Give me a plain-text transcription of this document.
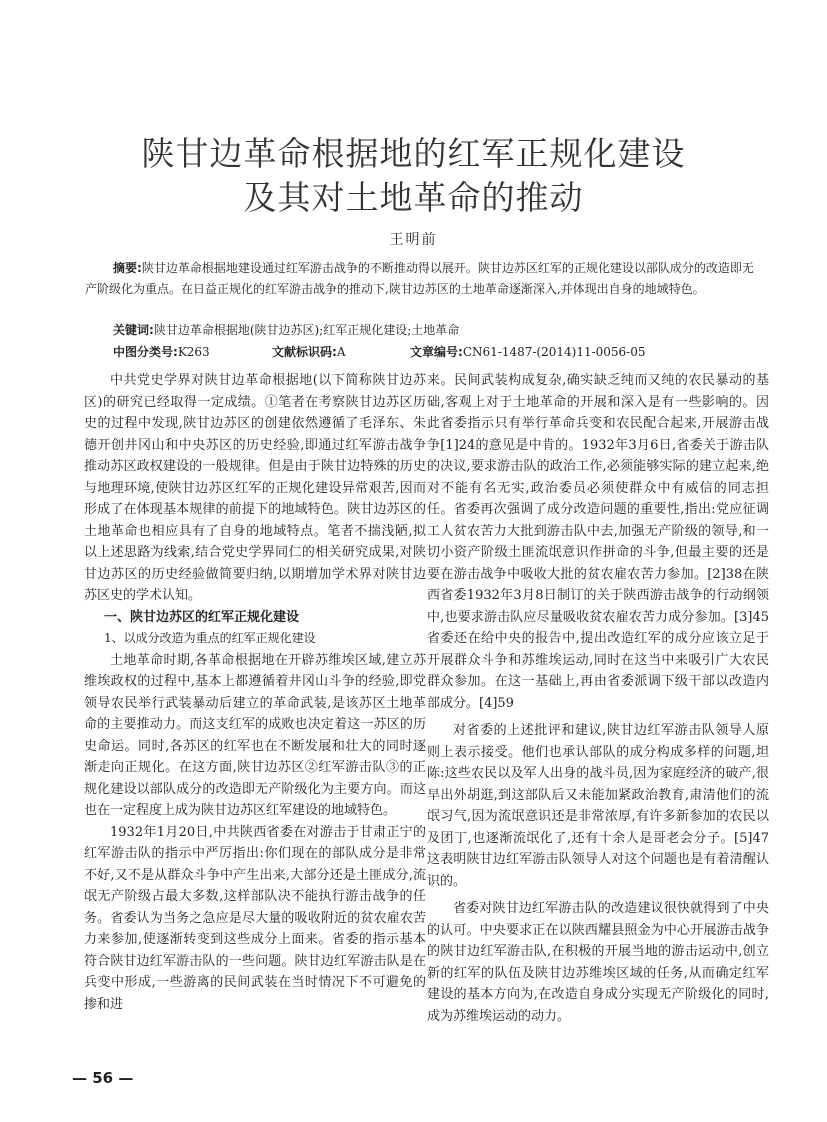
陕甘边革命根据地的红军正规化建设
及其对土地革命的推动
王明前
摘要:陕甘边革命根据地建设通过红军游击战争的不断推动得以展开。陕甘边苏区红军的正规化建设以部队成分的改造即无产阶级化为重点。在日益正规化的红军游击战争的推动下,陕甘边苏区的土地革命逐渐深入,并体现出自身的地域特色。
关键词:陕甘边革命根据地(陕甘边苏区);红军正规化建设;土地革命
中图分类号:K263	文献标识码:A	文章编号:CN61-1487-(2014)11-0056-05

中共党史学界对陕甘边革命根据地(以下简称陕甘边苏区)的研究已经取得一定成绩。①笔者在考察陕甘边苏区历史的过程中发现,陕甘边苏区的创建依然遵循了毛泽东、朱德开创井冈山和中央苏区的历史经验,即通过红军游击战争推动苏区政权建设的一般规律。但是由于陕甘边特殊的历史与地理环境,使陕甘边苏区红军的正规化建设异常艰苦,因而形成了在体现基本规律的前提下的地域特色。陕甘边苏区的土地革命也相应具有了自身的地域特点。笔者不揣浅陋,拟以上述思路为线索,结合党史学界同仁的相关研究成果,对陕甘边苏区的历史经验做简要归纳,以期增加学术界对陕甘边苏区史的学术认知。

一、陕甘边苏区的红军正规化建设
1、以成分改造为重点的红军正规化建设

土地革命时期,各革命根据地在开辟苏维埃区域,建立苏维埃政权的过程中,基本上都遵循着井冈山斗争的经验,即党领导农民举行武装暴动后建立的革命武装,是该苏区土地革命的主要推动力。而这支红军的成败也决定着这一苏区的历史命运。同时,各苏区的红军也在不断发展和壮大的同时逐渐走向正规化。在这方面,陕甘边苏区②红军游击队③的正规化建设以部队成分的改造即无产阶级化为主要方向。而这也在一定程度上成为陕甘边苏区红军建设的地域特色。

1932年1月20日,中共陕西省委在对游击于甘肃正宁的红军游击队的指示中严厉指出:你们现在的部队成分是非常不好,又不是从群众斗争中产生出来,大部分还是土匪成分,流氓无产阶级占最大多数,这样部队决不能执行游击战争的任务。省委认为当务之急应是尽大量的吸收附近的贫农雇农苦力来参加,使逐渐转变到这些成分上面来。省委的指示基本符合陕甘边红军游击队的一些问题。陕甘边红军游击队是在兵变中形成,一些游离的民间武装在当时情况下不可避免的掺和进

来。民间武装构成复杂,确实缺乏纯而又纯的农民暴动的基础,客观上对于土地革命的开展和深入是有一些影响的。因此省委指示只有举行革命兵变和农民配合起来,开展游击战争[1]24的意见是中肯的。1932年3月6日,省委关于游击队的决议,要求游击队的政治工作,必须能够实际的建立起来,绝对不能有名无实,政治委员必须使群众中有威信的同志担任。省委再次强调了成分改造问题的重要性,指出:党应征调工人贫农苦力大批到游击队中去,加强无产阶级的领导,和一切小资产阶级土匪流氓意识作拼命的斗争,但最主要的还是要在游击战争中吸收大批的贫农雇农苦力参加。[2]38在陕西省委1932年3月8日制订的关于陕西游击战争的行动纲领中,也要求游击队应尽量吸收贫农雇农苦力成分参加。[3]45省委还在给中央的报告中,提出改造红军的成分应该立足于开展群众斗争和苏维埃运动,同时在这当中来吸引广大农民群众参加。在这一基础上,再由省委派调下级干部以改造内部成分。[4]59

对省委的上述批评和建议,陕甘边红军游击队领导人原则上表示接受。他们也承认部队的成分构成多样的问题,坦陈:这些农民以及军人出身的战斗员,因为家庭经济的破产,很早出外胡逛,到这部队后又未能加紧政治教育,肃清他们的流氓习气,因为流氓意识还是非常浓厚,有许多新参加的农民以及团丁,也逐渐流氓化了,还有十余人是哥老会分子。[5]47这表明陕甘边红军游击队领导人对这个问题也是有着清醒认识的。

省委对陕甘边红军游击队的改造建议很快就得到了中央的认可。中央要求正在以陕西耀县照金为中心开展游击战争的陕甘边红军游击队,在积极的开展当地的游击运动中,创立新的红军的队伍及陕甘边苏维埃区域的任务,从而确定红军建设的基本方向为,在改造自身成分实现无产阶级化的同时,成为苏维埃运动的动力。

— 56 —
